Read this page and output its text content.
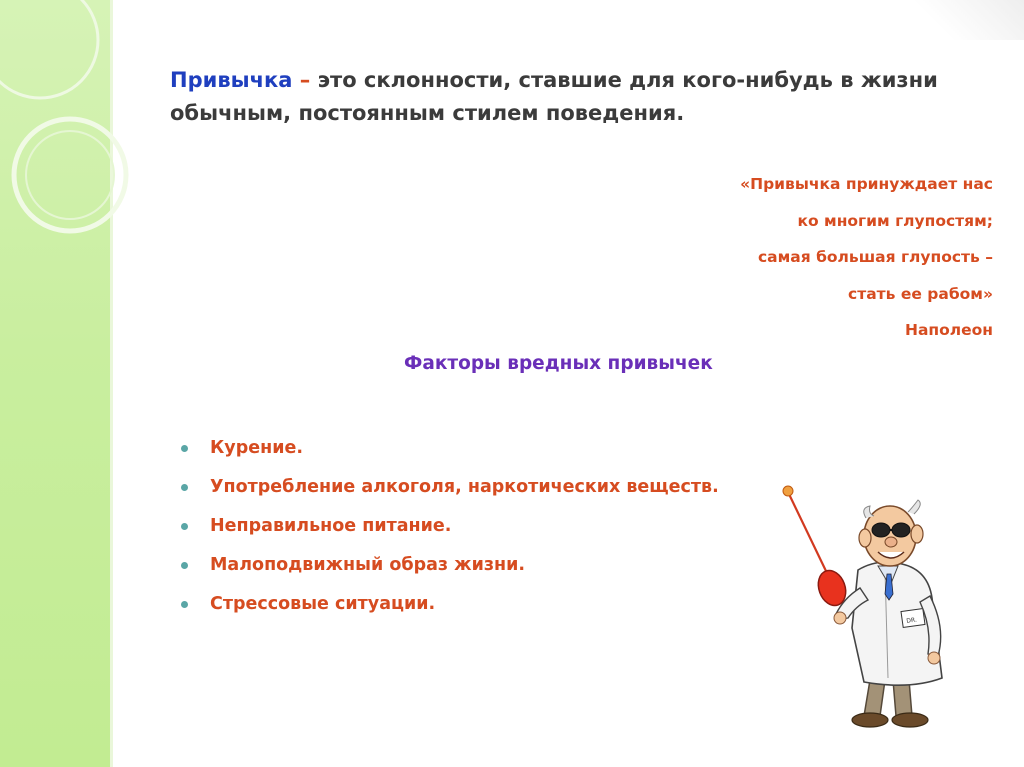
Привычка – это склонности, ставшие для кого-нибудь в жизни обычным, постоянным стилем поведения.

«Привычка принуждает нас
ко многим глупостям;
самая большая глупость –
стать ее рабом»
Наполеон
Факторы вредных привычек
Курение.
Употребление алкоголя, наркотических веществ.
Неправильное питание.
Малоподвижный образ жизни.
Стрессовые ситуации.
DR.
